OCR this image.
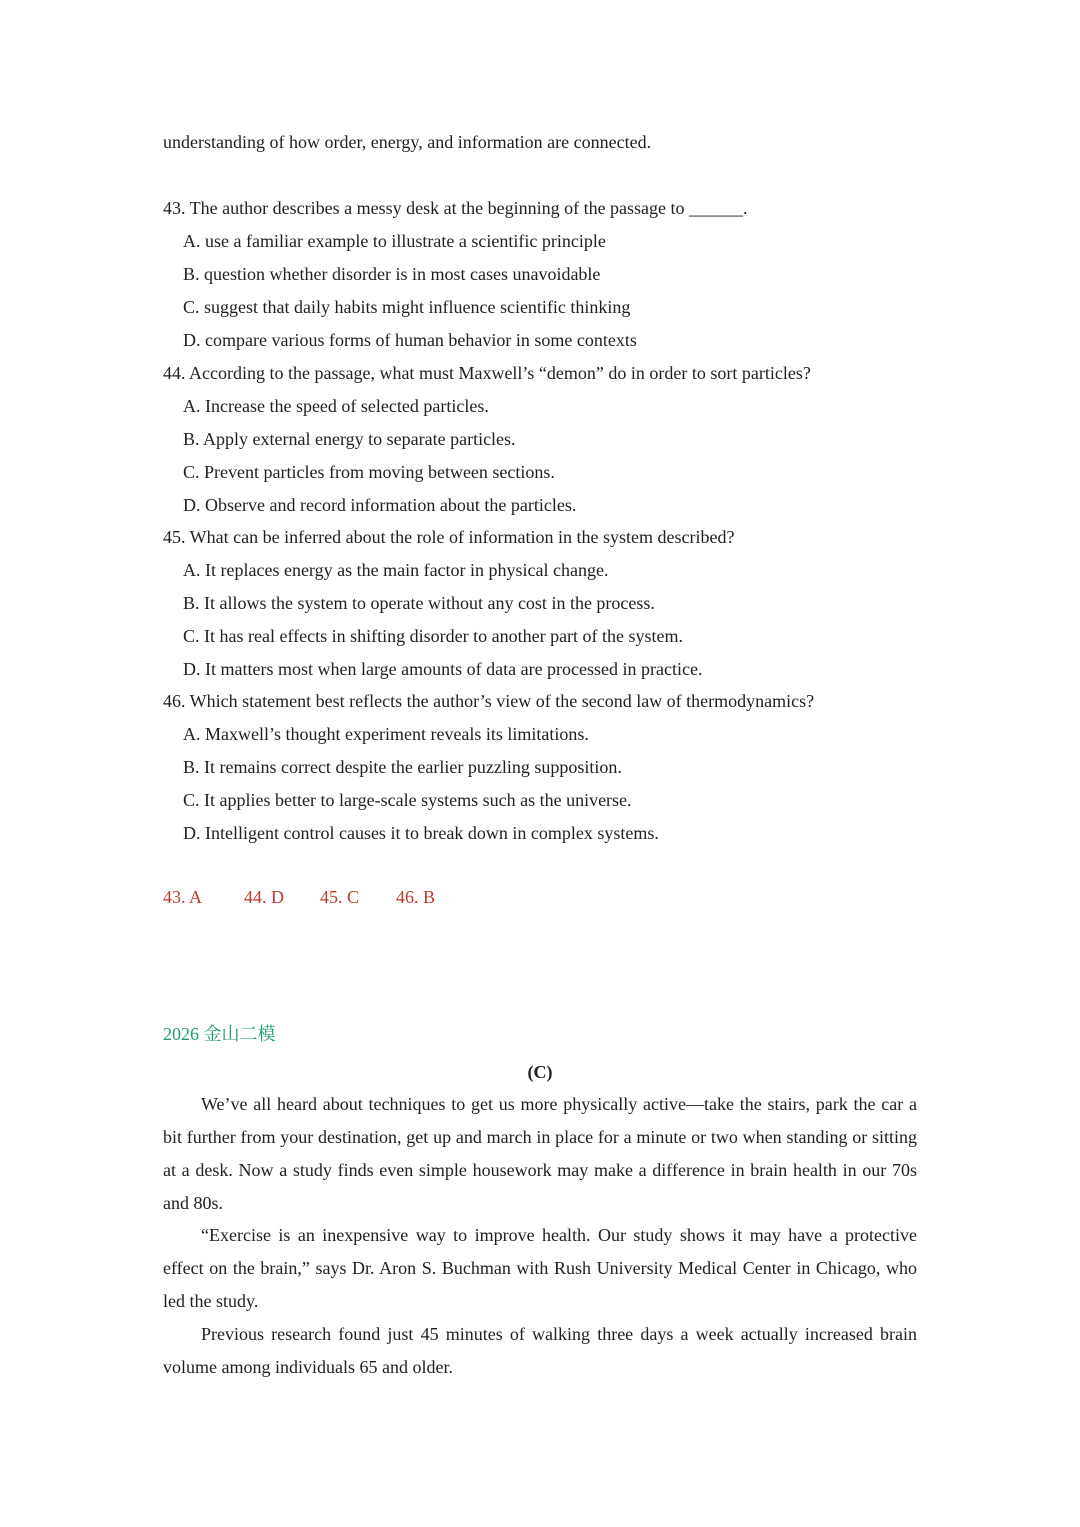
understanding of how order, energy, and information are connected.
43. The author describes a messy desk at the beginning of the passage to ______.
A. use a familiar example to illustrate a scientific principle
B. question whether disorder is in most cases unavoidable
C. suggest that daily habits might influence scientific thinking
D. compare various forms of human behavior in some contexts
44. According to the passage, what must Maxwell’s “demon” do in order to sort particles?
A. Increase the speed of selected particles.
B. Apply external energy to separate particles.
C. Prevent particles from moving between sections.
D. Observe and record information about the particles.
45. What can be inferred about the role of information in the system described?
A. It replaces energy as the main factor in physical change.
B. It allows the system to operate without any cost in the process.
C. It has real effects in shifting disorder to another part of the system.
D. It matters most when large amounts of data are processed in practice.
46. Which statement best reflects the author’s view of the second law of thermodynamics?
A. Maxwell’s thought experiment reveals its limitations.
B. It remains correct despite the earlier puzzling supposition.
C. It applies better to large-scale systems such as the universe.
D. Intelligent control causes it to break down in complex systems.
43. A 44. D 45. C 46. B
2026 金山二模
(C)

We’ve all heard about techniques to get us more physically active—take the stairs, park the car a bit further from your destination, get up and march in place for a minute or two when standing or sitting at a desk. Now a study finds even simple housework may make a difference in brain health in our 70s and 80s.

“Exercise is an inexpensive way to improve health. Our study shows it may have a protective effect on the brain,” says Dr. Aron S. Buchman with Rush University Medical Center in Chicago, who led the study.

Previous research found just 45 minutes of walking three days a week actually increased brain volume among individuals 65 and older.
